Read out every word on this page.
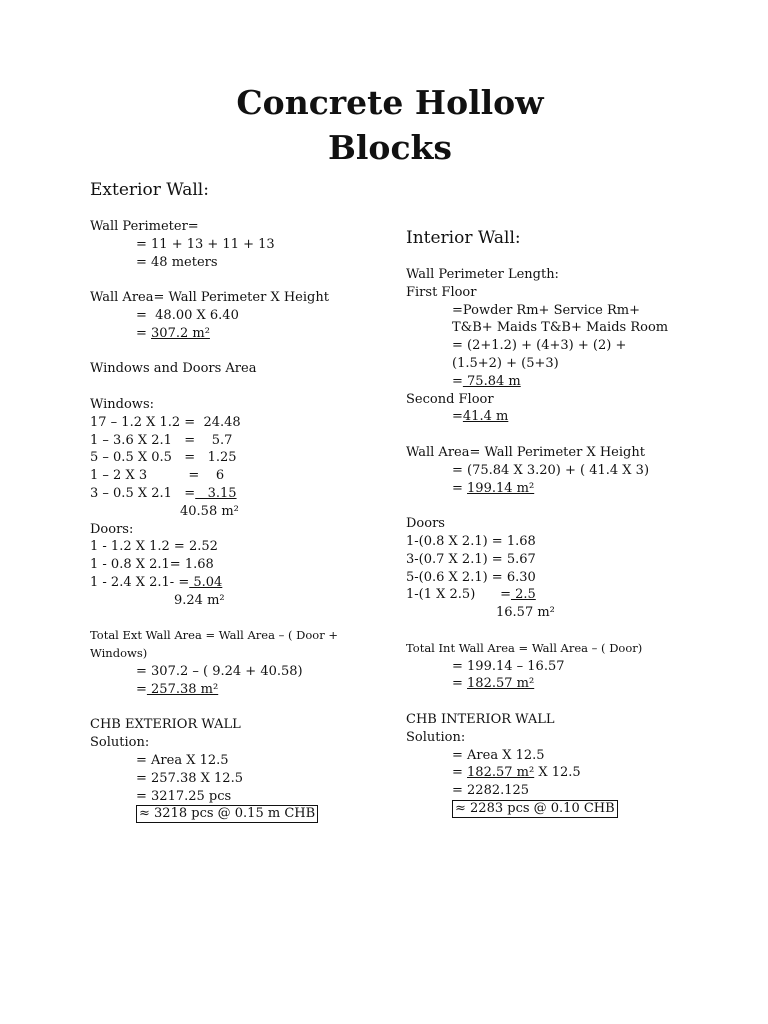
Concrete Hollow
Blocks
Exterior Wall:
Wall Perimeter=
= 11 + 13 + 11 + 13
= 48 meters
Wall Area= Wall Perimeter X Height
=  48.00 X 6.40
= 307.2 m²
Windows and Doors Area
Windows:
17 – 1.2 X 1.2 =  24.48
1 – 3.6 X 2.1   =    5.7
5 – 0.5 X 0.5   =   1.25
1 – 2 X 3          =    6
3 – 0.5 X 2.1   =   3.15
40.58 m²
Doors:
1 - 1.2 X 1.2 = 2.52
1 - 0.8 X 2.1= 1.68
1 - 2.4 X 2.1- = 5.04
9.24 m²
Total Ext Wall Area = Wall Area – ( Door + Windows)
= 307.2 – ( 9.24 + 40.58)
= 257.38 m²
CHB EXTERIOR WALL
Solution:
= Area X 12.5
= 257.38 X 12.5
= 3217.25 pcs
≈ 3218 pcs @ 0.15 m CHB
Interior Wall:
Wall Perimeter Length:
First Floor
=Powder Rm+ Service Rm+
T&B+ Maids T&B+ Maids Room
= (2+1.2) + (4+3) + (2) +
(1.5+2) + (5+3)
= 75.84 m
Second Floor
=41.4 m
Wall Area= Wall Perimeter X Height
= (75.84 X 3.20) + ( 41.4 X 3)
= 199.14 m²
Doors
1-(0.8 X 2.1) = 1.68
3-(0.7 X 2.1) = 5.67
5-(0.6 X 2.1) = 6.30
1-(1 X 2.5)      = 2.5
16.57 m²
Total Int Wall Area = Wall Area – ( Door)
= 199.14 – 16.57
= 182.57 m²
CHB INTERIOR WALL
Solution:
= Area X 12.5
= 182.57 m² X 12.5
= 2282.125
≈ 2283 pcs @ 0.10 CHB
